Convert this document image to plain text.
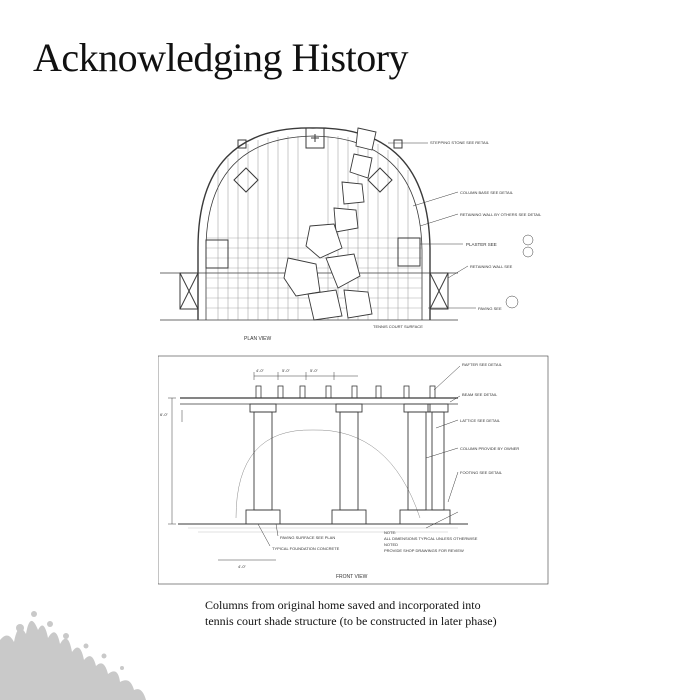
Acknowledging History
STEPPING STONE SEE RETAIL
COLUMN BASE SEE DETAIL
RETAINING WALL BY OTHERS SEE DETAIL
PLASTER SEE
RETAINING WALL SEE
PAVING SEE
TENNIS COURT SURFACE
PLAN VIEW
4'-0"	5'-0"	5'-0"
6'-0"
4'-0"
RAFTER SEE DETAIL
BEAM SEE DETAIL
LATTICE SEE DETAIL
COLUMN PROVIDE BY OWNER
FOOTING SEE DETAIL
PAVING SURFACE SEE PLAN
TYPICAL FOUNDATION CONCRETE
NOTE:
ALL DIMENSIONS TYPICAL UNLESS OTHERWISE
NOTED
PROVIDE SHOP DRAWINGS FOR REVIEW
FRONT VIEW
Columns from original home saved and incorporated into
tennis court shade structure (to be constructed in later phase)
